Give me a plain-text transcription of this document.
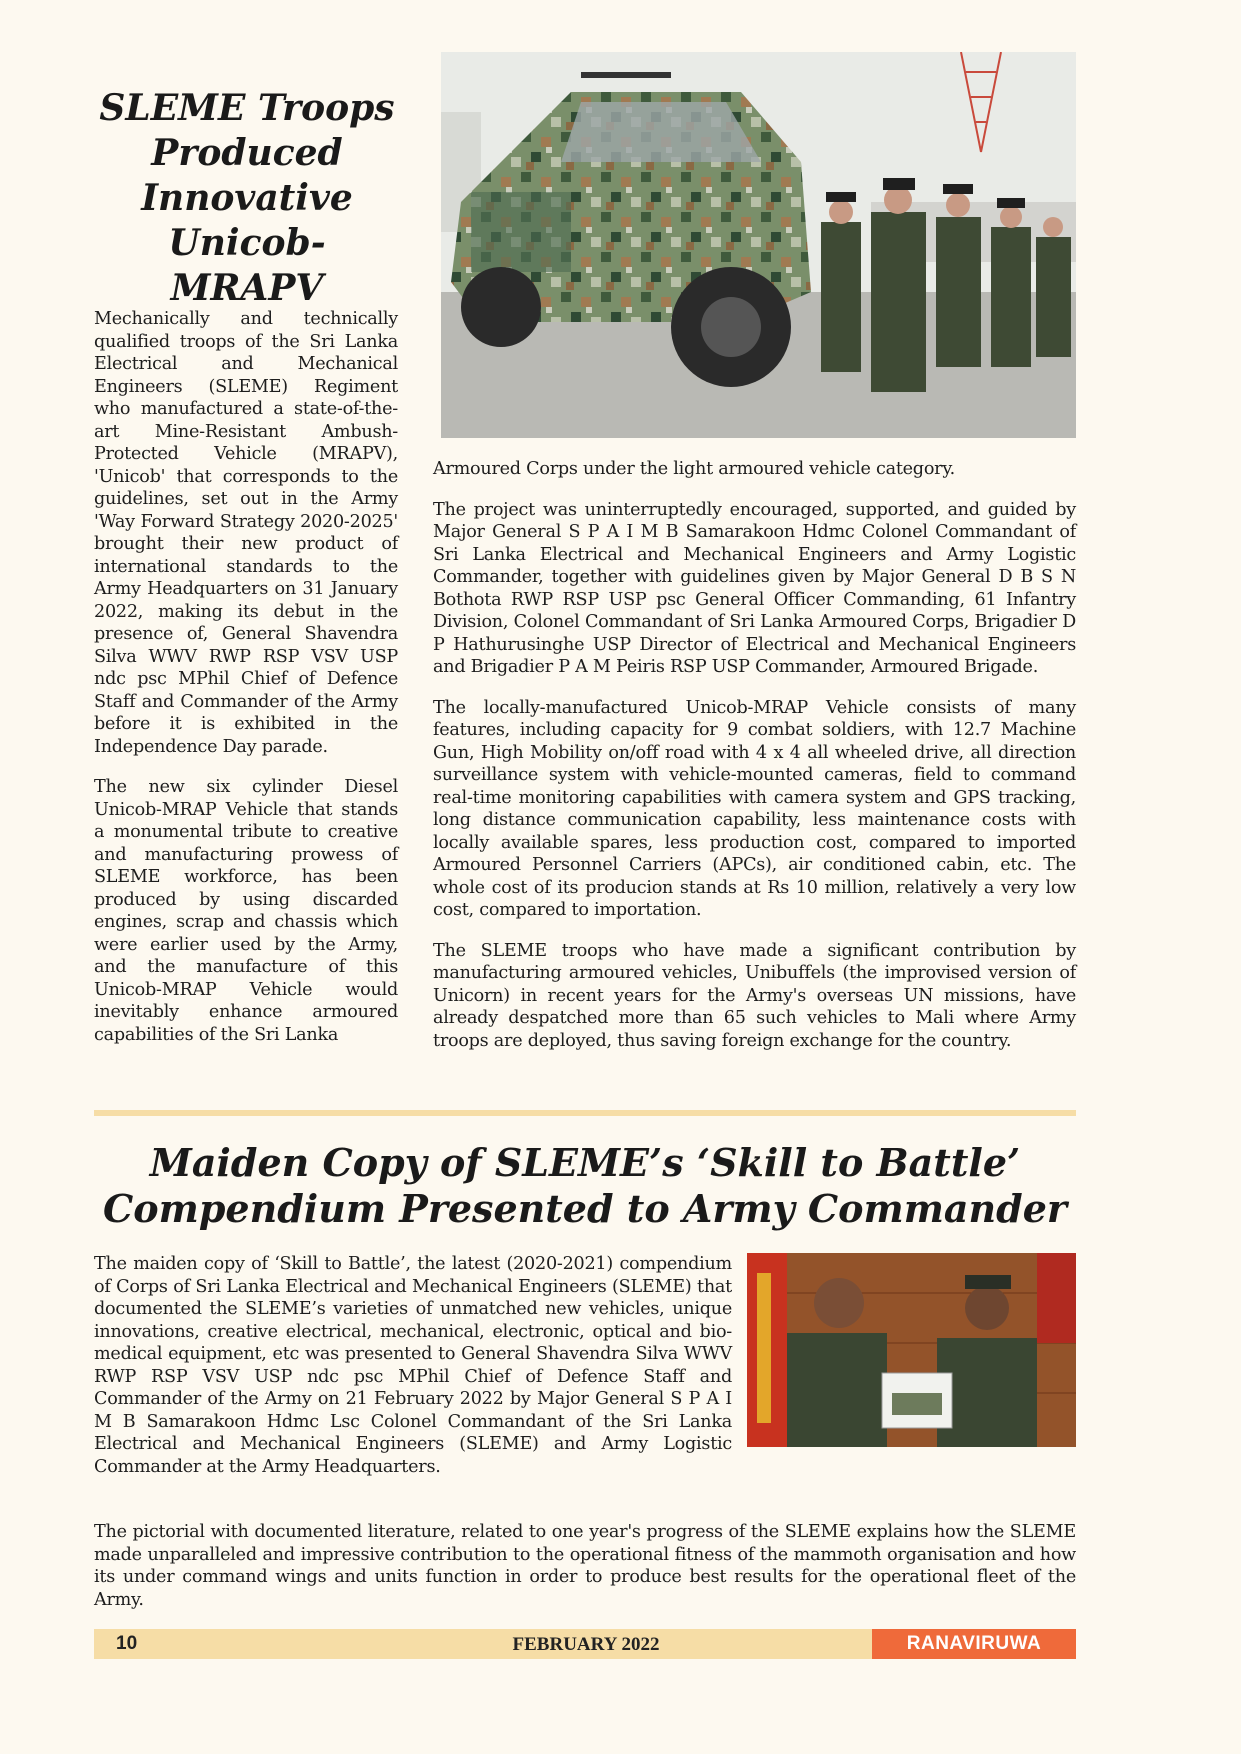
SLEME Troops Produced Innovative Unicob- MRAPV

Mechanically and technically qualified troops of the Sri Lanka Electrical and Mechanical Engineers (SLEME) Regiment who manufactured a state-of-the-art Mine-Resistant Ambush-Protected Vehicle (MRAPV), 'Unicob' that corresponds to the guidelines, set out in the Army 'Way Forward Strategy 2020-2025' brought their new product of international standards to the Army Headquarters on 31 January 2022, making its debut in the presence of, General Shavendra Silva WWV RWP RSP VSV USP ndc psc MPhil Chief of Defence Staff and Commander of the Army before it is exhibited in the Independence Day parade.

The new six cylinder Diesel Unicob-MRAP Vehicle that stands a monumental tribute to creative and manufacturing prowess of SLEME workforce, has been produced by using discarded engines, scrap and chassis which were earlier used by the Army, and the manufacture of this Unicob-MRAP Vehicle would inevitably enhance armoured capabilities of the Sri Lanka

Armoured Corps under the light armoured vehicle category.

The project was uninterruptedly encouraged, supported, and guided by Major General S P A I M B Samarakoon Hdmc Colonel Commandant of Sri Lanka Electrical and Mechanical Engineers and Army Logistic Commander, together with guidelines given by Major General D B S N Bothota RWP RSP USP psc General Officer Commanding, 61 Infantry Division, Colonel Commandant of Sri Lanka Armoured Corps, Brigadier D P Hathurusinghe USP Director of Electrical and Mechanical Engineers and Brigadier P A M Peiris RSP USP Commander, Armoured Brigade.

The locally-manufactured Unicob-MRAP Vehicle consists of many features, including capacity for 9 combat soldiers, with 12.7 Machine Gun, High Mobility on/off road with 4 x 4 all wheeled drive, all direction surveillance system with vehicle-mounted cameras, field to command real-time monitoring capabilities with camera system and GPS tracking, long distance communication capability, less maintenance costs with locally available spares, less production cost, compared to imported Armoured Personnel Carriers (APCs), air conditioned cabin, etc. The whole cost of its producion stands at Rs 10 million, relatively a very low cost, compared to importation.

The SLEME troops who have made a significant contribution by manufacturing armoured vehicles, Unibuffels (the improvised version of Unicorn) in recent years for the Army's overseas UN missions, have already despatched more than 65 such vehicles to Mali where Army troops are deployed, thus saving foreign exchange for the country.

Maiden Copy of SLEME’s ‘Skill to Battle’ Compendium Presented to Army Commander

The maiden copy of ‘Skill to Battle’, the latest (2020-2021) compendium of Corps of Sri Lanka Electrical and Mechanical Engineers (SLEME) that documented the SLEME’s varieties of unmatched new vehicles, unique innovations, creative electrical, mechanical, electronic, optical and bio-medical equipment, etc was presented to General Shavendra Silva WWV RWP RSP VSV USP ndc psc MPhil Chief of Defence Staff and Commander of the Army on 21 February 2022 by Major General S P A I M B Samarakoon Hdmc Lsc Colonel Commandant of the Sri Lanka Electrical and Mechanical Engineers (SLEME) and Army Logistic Commander at the Army Headquarters.

The pictorial with documented literature, related to one year's progress of the SLEME explains how the SLEME made unparalleled and impressive contribution to the operational fitness of the mammoth organisation and how its under command wings and units function in order to produce best results for the operational fleet of the Army.

10	FEBRUARY 2022	RANAVIRUWA
